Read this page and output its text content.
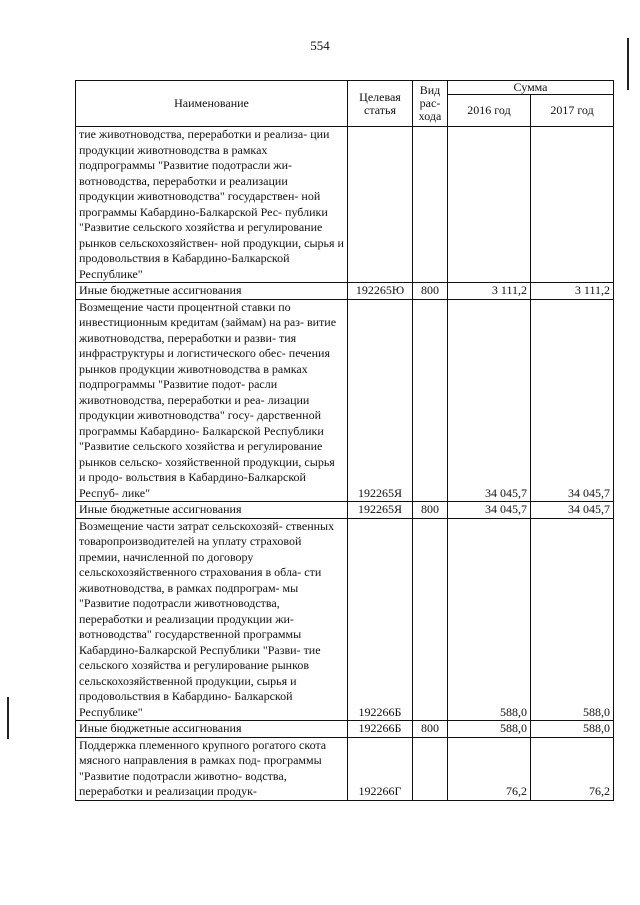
554
Наименование	Целевая статья	Вид рас- хода	Сумма	
			2016 год	2017 год
тие животноводства, переработки и реализа- ции продукции животноводства в рамках подпрограммы "Развитие подотрасли жи- вотноводства, переработки и реализации продукции животноводства" государствен- ной программы Кабардино-Балкарской Рес- публики "Развитие сельского хозяйства и регулирование рынков сельскохозяйствен- ной продукции, сырья и продовольствия в Кабардино-Балкарской Республике"				
Иные бюджетные ассигнования	192265Ю	800	3 111,2	3 111,2
Возмещение части процентной ставки по инвестиционным кредитам (займам) на раз- витие животноводства, переработки и разви- тия инфраструктуры и логистического обес- печения рынков продукции животноводства в рамках подпрограммы "Развитие подот- расли животноводства, переработки и реа- лизации продукции животноводства" госу- дарственной программы Кабардино- Балкарской Республики "Развитие сельского хозяйства и регулирование рынков сельско- хозяйственной продукции, сырья и продо- вольствия в Кабардино-Балкарской Респуб- лике"	192265Я		34 045,7	34 045,7
Иные бюджетные ассигнования	192265Я	800	34 045,7	34 045,7
Возмещение части затрат сельскохозяй- ственных товаропроизводителей на уплату страховой премии, начисленной по договору сельскохозяйственного страхования в обла- сти животноводства, в рамках подпрограм- мы "Развитие подотрасли животноводства, переработки и реализации продукции жи- вотноводства" государственной программы Кабардино-Балкарской Республики "Разви- тие сельского хозяйства и регулирование рынков сельскохозяйственной продукции, сырья и продовольствия в Кабардино- Балкарской Республике"	192266Б		588,0	588,0
Иные бюджетные ассигнования	192266Б	800	588,0	588,0
Поддержка племенного крупного рогатого скота мясного направления в рамках под- программы "Развитие подотрасли животно- водства, переработки и реализации продук-	192266Г		76,2	76,2
